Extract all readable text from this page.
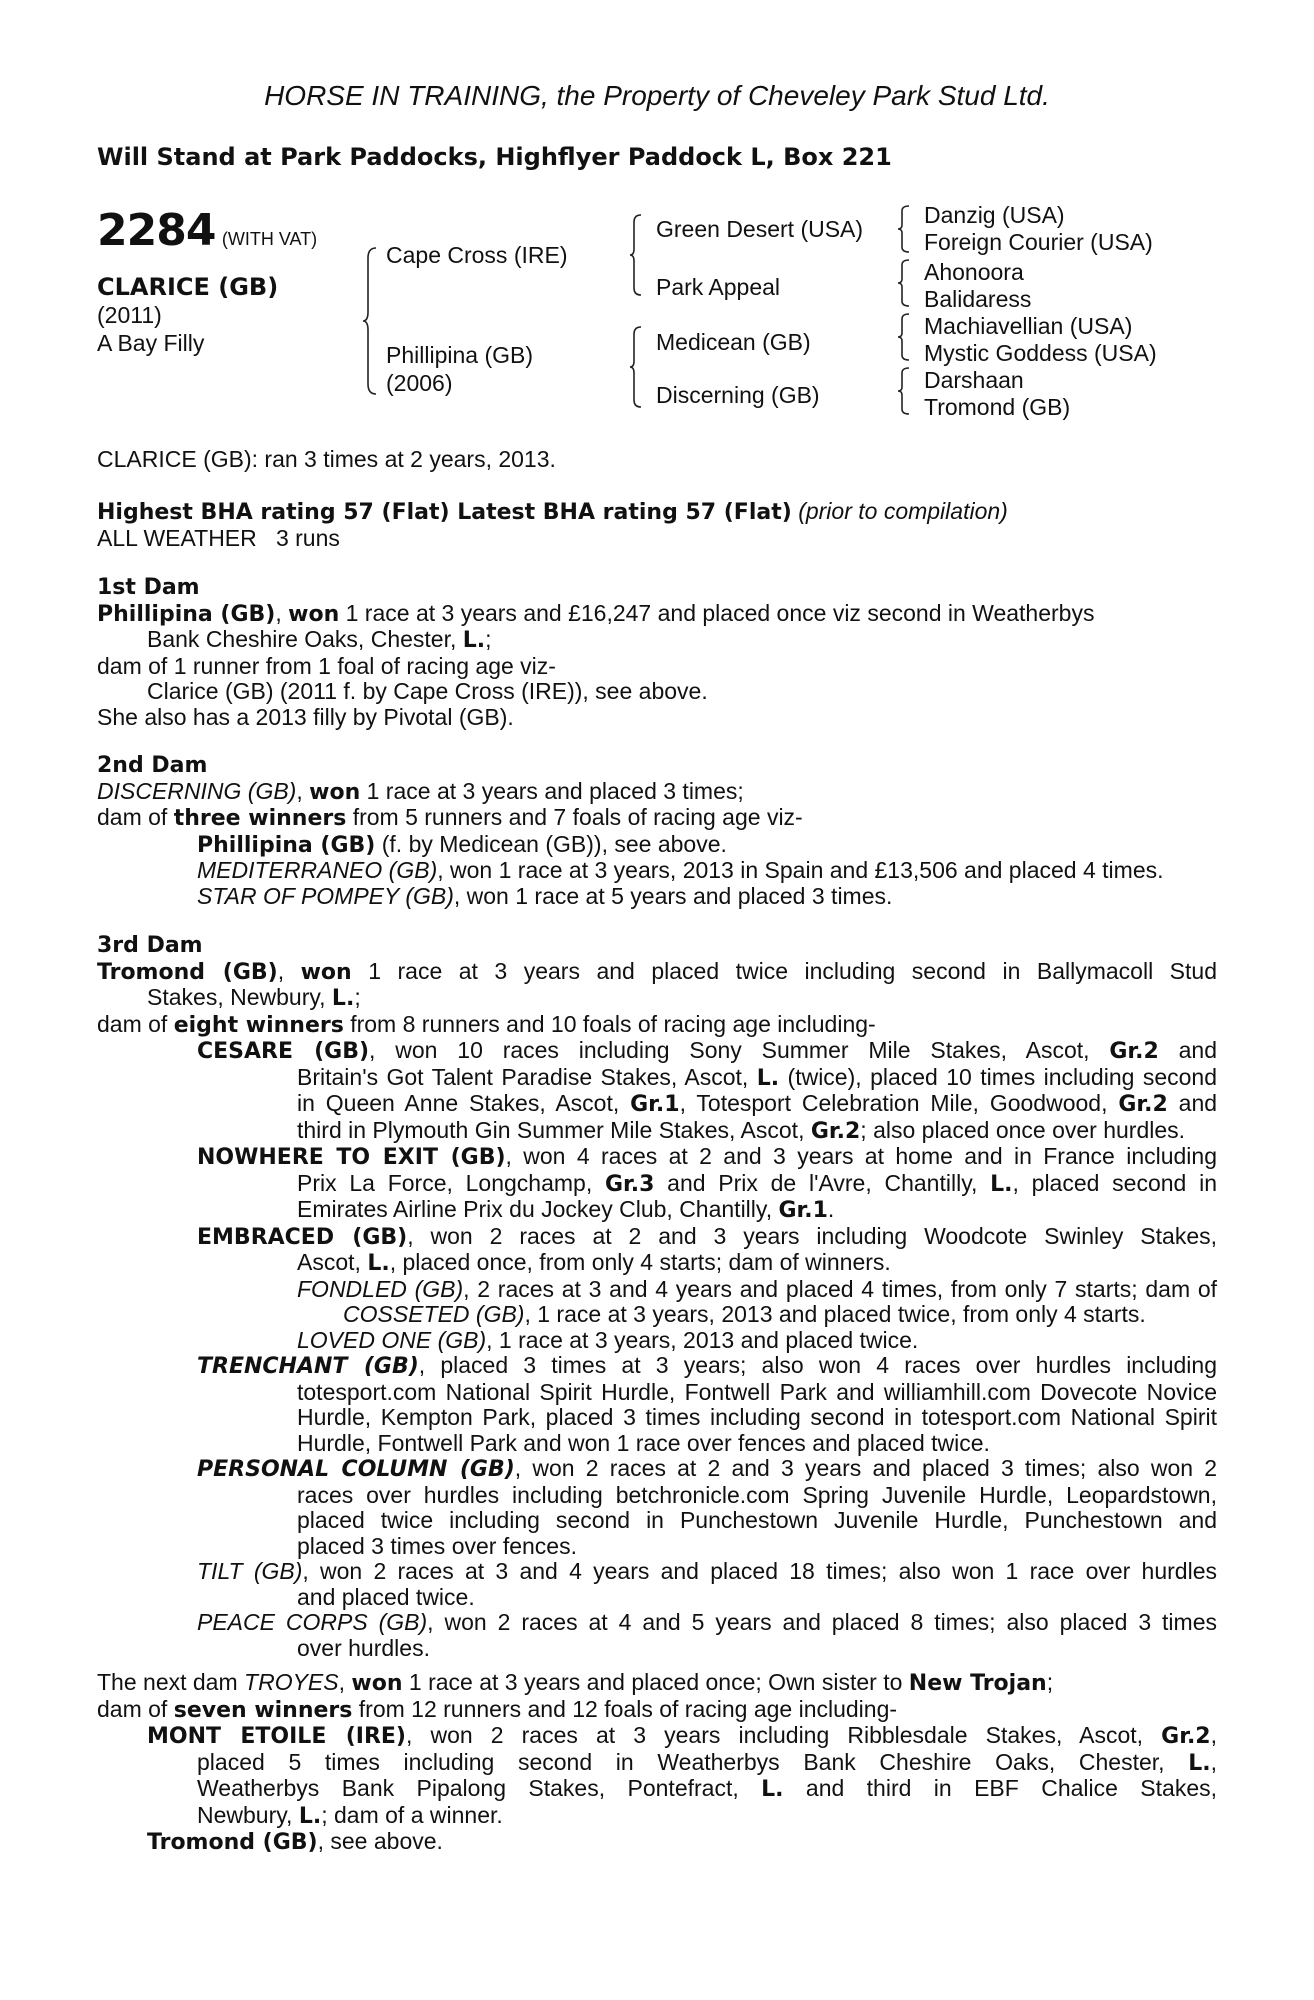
HORSE IN TRAINING, the Property of Cheveley Park Stud Ltd.
Will Stand at Park Paddocks, Highflyer Paddock L, Box 221
2284 (WITH VAT)
CLARICE (GB)
(2011)
A Bay Filly
Cape Cross (IRE)
Phillipina (GB)
(2006)
Green Desert (USA)
Park Appeal
Medicean (GB)
Discerning (GB)
Danzig (USA)
Foreign Courier (USA)
Ahonoora
Balidaress
Machiavellian (USA)
Mystic Goddess (USA)
Darshaan
Tromond (GB)
CLARICE (GB): ran 3 times at 2 years, 2013.
Highest BHA rating 57 (Flat) Latest BHA rating 57 (Flat) (prior to compilation)
ALL WEATHER 3 runs
1st Dam
Phillipina (GB), won 1 race at 3 years and £16,247 and placed once viz second in Weatherbys
Bank Cheshire Oaks, Chester, L.;
dam of 1 runner from 1 foal of racing age viz-
Clarice (GB) (2011 f. by Cape Cross (IRE)), see above.
She also has a 2013 filly by Pivotal (GB).
2nd Dam
DISCERNING (GB), won 1 race at 3 years and placed 3 times;
dam of three winners from 5 runners and 7 foals of racing age viz-
Phillipina (GB) (f. by Medicean (GB)), see above.
MEDITERRANEO (GB), won 1 race at 3 years, 2013 in Spain and £13,506 and placed 4 times.
STAR OF POMPEY (GB), won 1 race at 5 years and placed 3 times.
3rd Dam
Tromond (GB), won 1 race at 3 years and placed twice including second in Ballymacoll Stud
Stakes, Newbury, L.;
dam of eight winners from 8 runners and 10 foals of racing age including-
CESARE (GB), won 10 races including Sony Summer Mile Stakes, Ascot, Gr.2 and
Britain's Got Talent Paradise Stakes, Ascot, L. (twice), placed 10 times including second
in Queen Anne Stakes, Ascot, Gr.1, Totesport Celebration Mile, Goodwood, Gr.2 and
third in Plymouth Gin Summer Mile Stakes, Ascot, Gr.2; also placed once over hurdles.
NOWHERE TO EXIT (GB), won 4 races at 2 and 3 years at home and in France including
Prix La Force, Longchamp, Gr.3 and Prix de l'Avre, Chantilly, L., placed second in
Emirates Airline Prix du Jockey Club, Chantilly, Gr.1.
EMBRACED (GB), won 2 races at 2 and 3 years including Woodcote Swinley Stakes,
Ascot, L., placed once, from only 4 starts; dam of winners.
FONDLED (GB), 2 races at 3 and 4 years and placed 4 times, from only 7 starts; dam of
COSSETED (GB), 1 race at 3 years, 2013 and placed twice, from only 4 starts.
LOVED ONE (GB), 1 race at 3 years, 2013 and placed twice.
TRENCHANT (GB), placed 3 times at 3 years; also won 4 races over hurdles including
totesport.com National Spirit Hurdle, Fontwell Park and williamhill.com Dovecote Novice
Hurdle, Kempton Park, placed 3 times including second in totesport.com National Spirit
Hurdle, Fontwell Park and won 1 race over fences and placed twice.
PERSONAL COLUMN (GB), won 2 races at 2 and 3 years and placed 3 times; also won 2
races over hurdles including betchronicle.com Spring Juvenile Hurdle, Leopardstown,
placed twice including second in Punchestown Juvenile Hurdle, Punchestown and
placed 3 times over fences.
TILT (GB), won 2 races at 3 and 4 years and placed 18 times; also won 1 race over hurdles
and placed twice.
PEACE CORPS (GB), won 2 races at 4 and 5 years and placed 8 times; also placed 3 times
over hurdles.
The next dam TROYES, won 1 race at 3 years and placed once; Own sister to New Trojan;
dam of seven winners from 12 runners and 12 foals of racing age including-
MONT ETOILE (IRE), won 2 races at 3 years including Ribblesdale Stakes, Ascot, Gr.2,
placed 5 times including second in Weatherbys Bank Cheshire Oaks, Chester, L.,
Weatherbys Bank Pipalong Stakes, Pontefract, L. and third in EBF Chalice Stakes,
Newbury, L.; dam of a winner.
Tromond (GB), see above.
